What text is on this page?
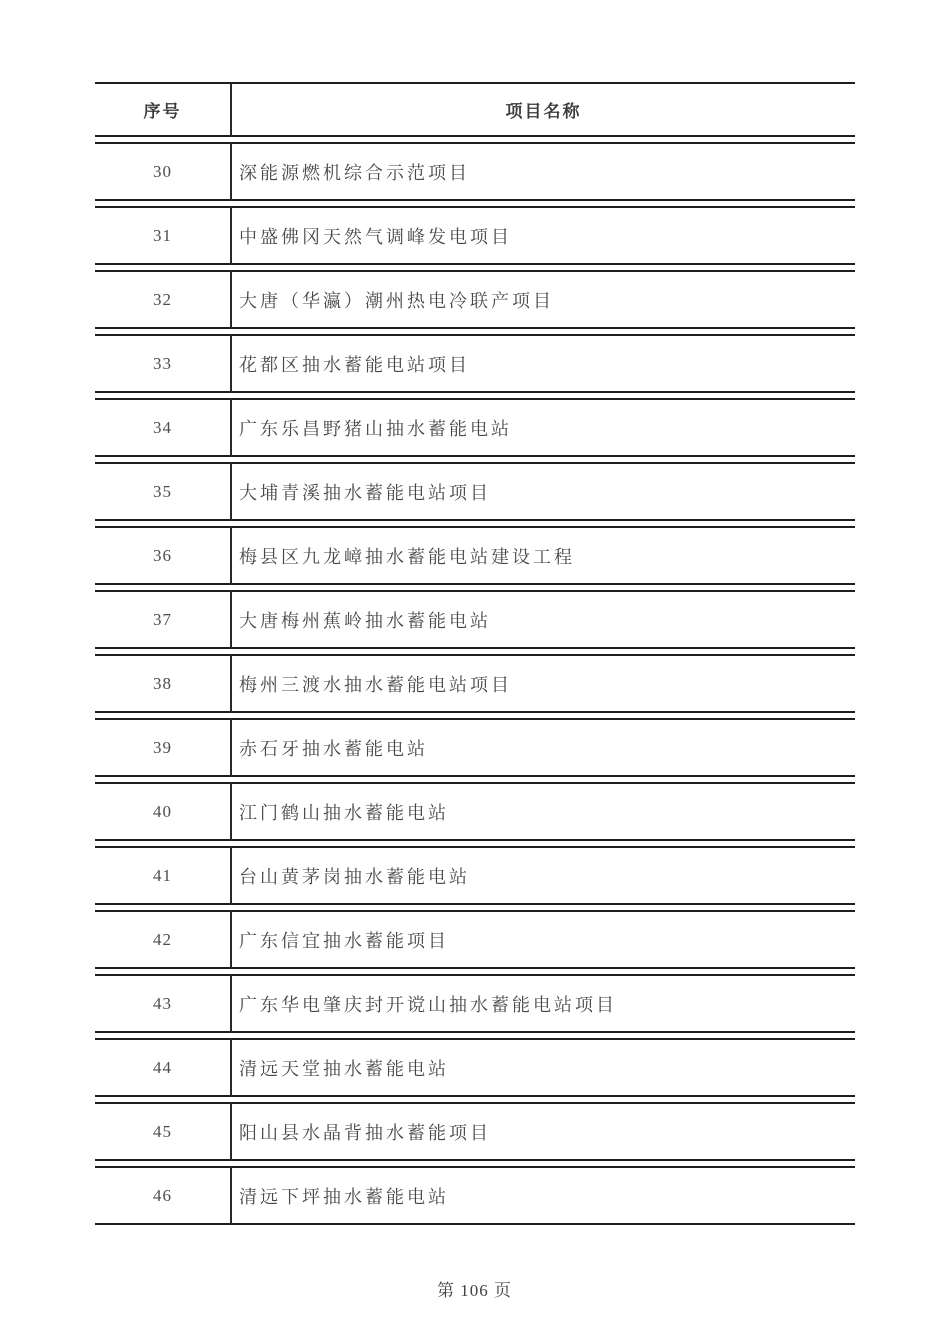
序号	项目名称
30	深能源燃机综合示范项目
31	中盛佛冈天然气调峰发电项目
32	大唐（华瀛）潮州热电冷联产项目
33	花都区抽水蓄能电站项目
34	广东乐昌野猪山抽水蓄能电站
35	大埔青溪抽水蓄能电站项目
36	梅县区九龙嶂抽水蓄能电站建设工程
37	大唐梅州蕉岭抽水蓄能电站
38	梅州三渡水抽水蓄能电站项目
39	赤石牙抽水蓄能电站
40	江门鹤山抽水蓄能电站
41	台山黄茅岗抽水蓄能电站
42	广东信宜抽水蓄能项目
43	广东华电肇庆封开谠山抽水蓄能电站项目
44	清远天堂抽水蓄能电站
45	阳山县水晶背抽水蓄能项目
46	清远下坪抽水蓄能电站
第 106 页
